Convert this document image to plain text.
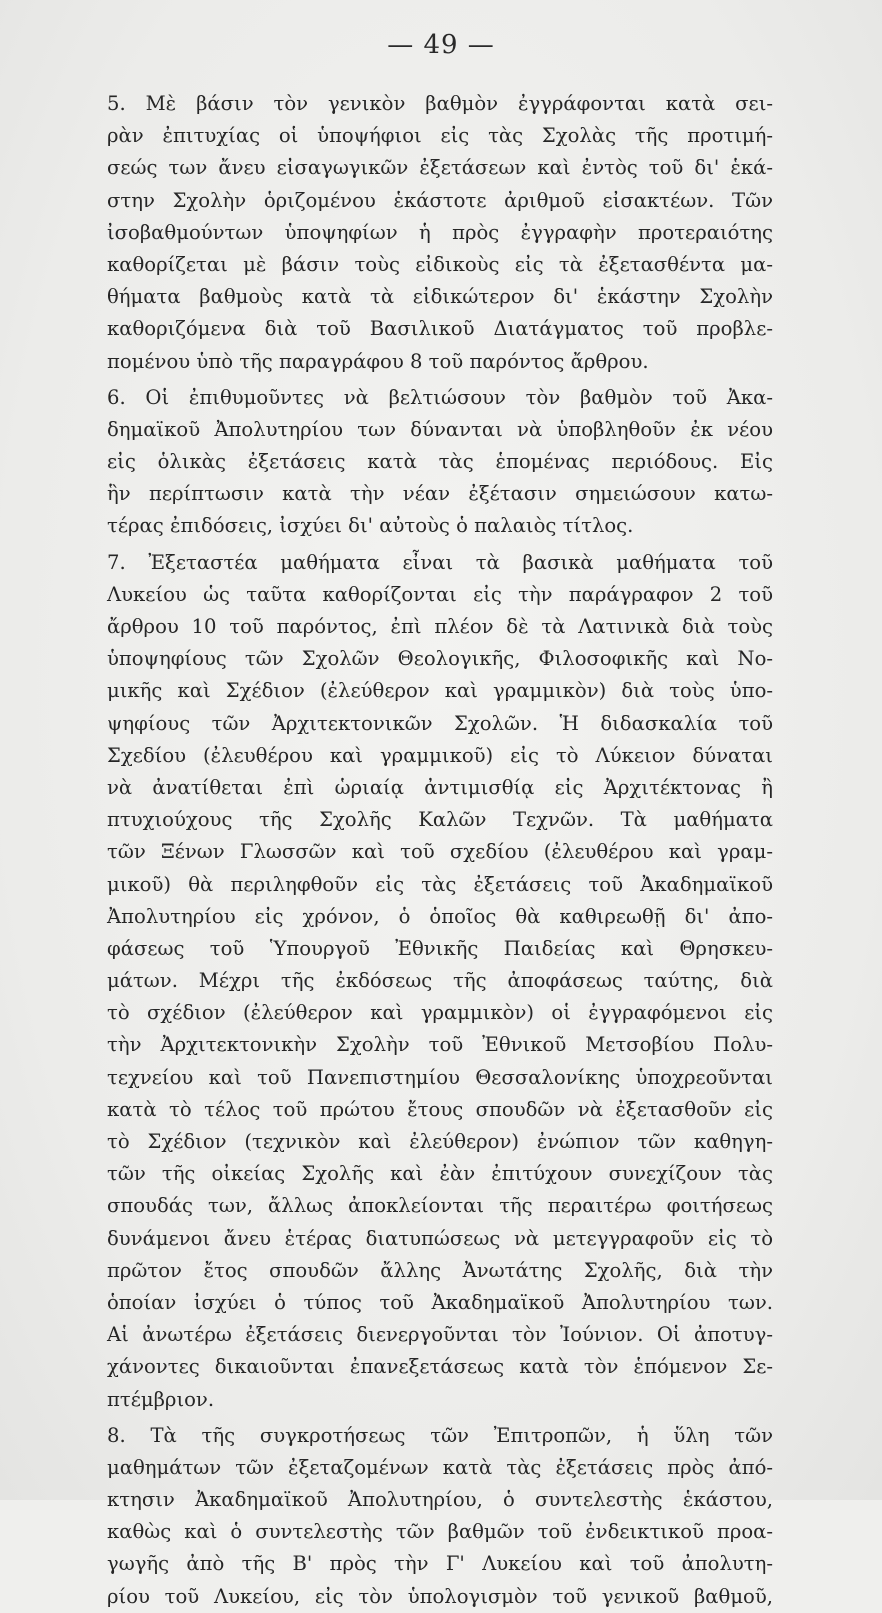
— 49 —
5. Μὲ βάσιν τὸν γενικὸν βαθμὸν ἐγγράφονται κατὰ σει-
ρὰν ἐπιτυχίας οἱ ὑποψήφιοι εἰς τὰς Σχολὰς τῆς προτιμή-
σεώς των ἄνευ εἰσαγωγικῶν ἐξετάσεων καὶ ἐντὸς τοῦ δι' ἑκά-
στην Σχολὴν ὁριζομένου ἑκάστοτε ἀριθμοῦ εἰσακτέων. Τῶν
ἰσοβαθμούντων ὑποψηφίων ἡ πρὸς ἐγγραφὴν προτεραιότης
καθορίζεται μὲ βάσιν τοὺς εἰδικοὺς εἰς τὰ ἐξετασθέντα μα-
θήματα βαθμοὺς κατὰ τὰ εἰδικώτερον δι' ἑκάστην Σχολὴν
καθοριζόμενα διὰ τοῦ Βασιλικοῦ Διατάγματος τοῦ προβλε-
πομένου ὑπὸ τῆς παραγράφου 8 τοῦ παρόντος ἄρθρου.
6. Οἱ ἐπιθυμοῦντες νὰ βελτιώσουν τὸν βαθμὸν τοῦ Ἀκα-
δημαϊκοῦ Ἀπολυτηρίου των δύνανται νὰ ὑποβληθοῦν ἐκ νέου
εἰς ὁλικὰς ἐξετάσεις κατὰ τὰς ἑπομένας περιόδους. Εἰς
ἣν περίπτωσιν κατὰ τὴν νέαν ἐξέτασιν σημειώσουν κατω-
τέρας ἐπιδόσεις, ἰσχύει δι' αὐτοὺς ὁ παλαιὸς τίτλος.
7. Ἐξεταστέα μαθήματα εἶναι τὰ βασικὰ μαθήματα τοῦ
Λυκείου ὡς ταῦτα καθορίζονται εἰς τὴν παράγραφον 2 τοῦ
ἄρθρου 10 τοῦ παρόντος, ἐπὶ πλέον δὲ τὰ Λατινικὰ διὰ τοὺς
ὑποψηφίους τῶν Σχολῶν Θεολογικῆς, Φιλοσοφικῆς καὶ Νο-
μικῆς καὶ Σχέδιον (ἐλεύθερον καὶ γραμμικὸν) διὰ τοὺς ὑπο-
ψηφίους τῶν Ἀρχιτεκτονικῶν Σχολῶν. Ἡ διδασκαλία τοῦ
Σχεδίου (ἐλευθέρου καὶ γραμμικοῦ) εἰς τὸ Λύκειον δύναται
νὰ ἀνατίθεται ἐπὶ ὡριαίᾳ ἀντιμισθίᾳ εἰς Ἀρχιτέκτονας ἢ
πτυχιούχους τῆς Σχολῆς Καλῶν Τεχνῶν. Τὰ μαθήματα
τῶν Ξένων Γλωσσῶν καὶ τοῦ σχεδίου (ἐλευθέρου καὶ γραμ-
μικοῦ) θὰ περιληφθοῦν εἰς τὰς ἐξετάσεις τοῦ Ἀκαδημαϊκοῦ
Ἀπολυτηρίου εἰς χρόνον, ὁ ὁποῖος θὰ καθιρεωθῇ δι' ἀπο-
φάσεως τοῦ Ὑπουργοῦ Ἐθνικῆς Παιδείας καὶ Θρησκευ-
μάτων. Μέχρι τῆς ἐκδόσεως τῆς ἀποφάσεως ταύτης, διὰ
τὸ σχέδιον (ἐλεύθερον καὶ γραμμικὸν) οἱ ἐγγραφόμενοι εἰς
τὴν Ἀρχιτεκτονικὴν Σχολὴν τοῦ Ἐθνικοῦ Μετσοβίου Πολυ-
τεχνείου καὶ τοῦ Πανεπιστημίου Θεσσαλονίκης ὑποχρεοῦνται
κατὰ τὸ τέλος τοῦ πρώτου ἔτους σπουδῶν νὰ ἐξετασθοῦν εἰς
τὸ Σχέδιον (τεχνικὸν καὶ ἐλεύθερον) ἐνώπιον τῶν καθηγη-
τῶν τῆς οἰκείας Σχολῆς καὶ ἐὰν ἐπιτύχουν συνεχίζουν τὰς
σπουδάς των, ἄλλως ἀποκλείονται τῆς περαιτέρω φοιτήσεως
δυνάμενοι ἄνευ ἑτέρας διατυπώσεως νὰ μετεγγραφοῦν εἰς τὸ
πρῶτον ἔτος σπουδῶν ἄλλης Ἀνωτάτης Σχολῆς, διὰ τὴν
ὁποίαν ἰσχύει ὁ τύπος τοῦ Ἀκαδημαϊκοῦ Ἀπολυτηρίου των.
Αἱ ἀνωτέρω ἐξετάσεις διενεργοῦνται τὸν Ἰούνιον. Οἱ ἀποτυγ-
χάνοντες δικαιοῦνται ἐπανεξετάσεως κατὰ τὸν ἑπόμενον Σε-
πτέμβριον.
8. Τὰ τῆς συγκροτήσεως τῶν Ἐπιτροπῶν, ἡ ὕλη τῶν
μαθημάτων τῶν ἐξεταζομένων κατὰ τὰς ἐξετάσεις πρὸς ἀπό-
κτησιν Ἀκαδημαϊκοῦ Ἀπολυτηρίου, ὁ συντελεστὴς ἑκάστου,
καθὼς καὶ ὁ συντελεστὴς τῶν βαθμῶν τοῦ ἐνδεικτικοῦ προα-
γωγῆς ἀπὸ τῆς Β' πρὸς τὴν Γ' Λυκείου καὶ τοῦ ἀπολυτη-
ρίου τοῦ Λυκείου, εἰς τὸν ὑπολογισμὸν τοῦ γενικοῦ βαθμοῦ,
